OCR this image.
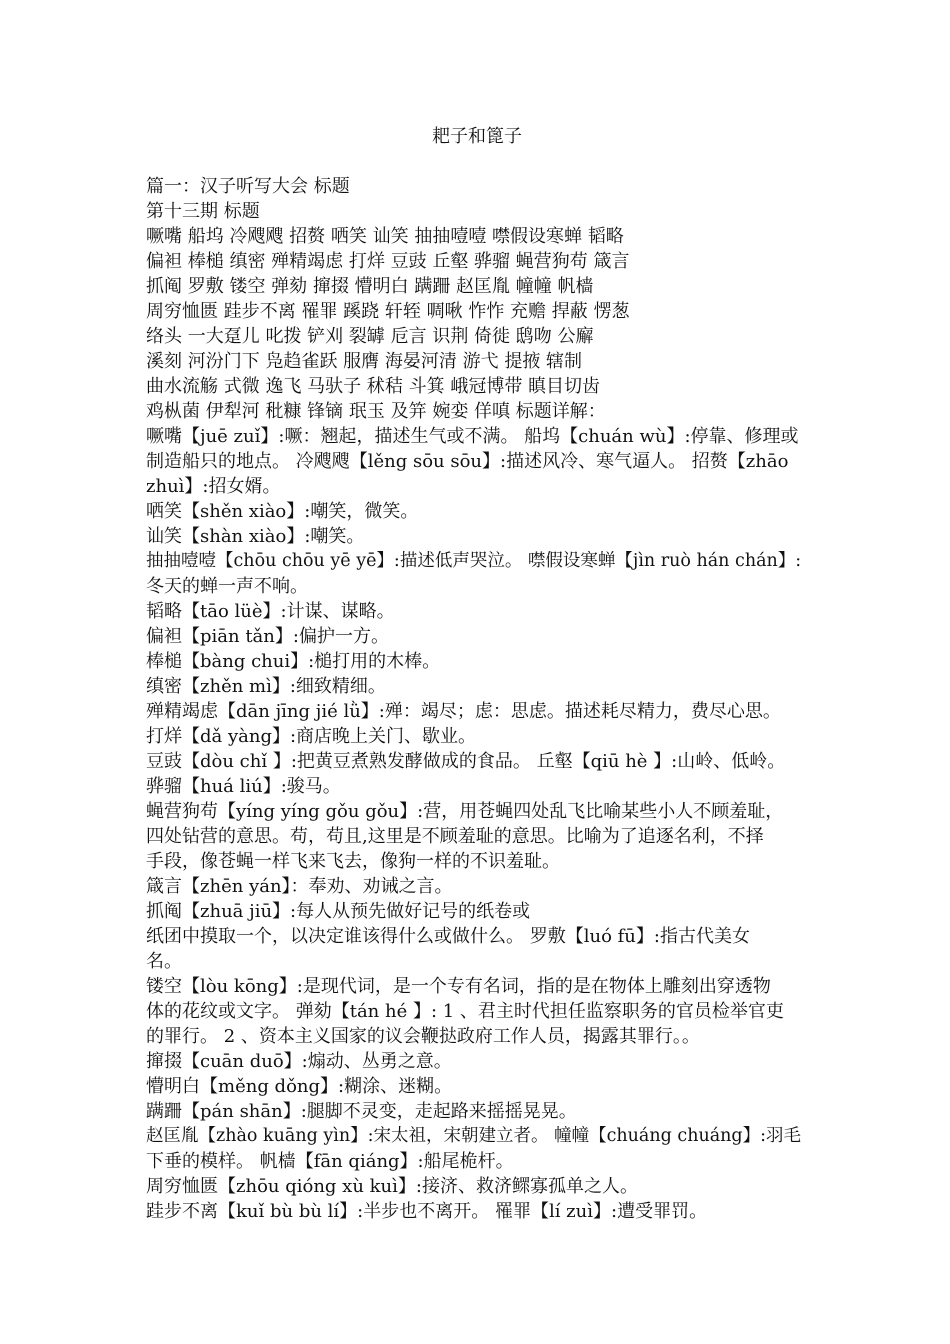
耙子和篦子
篇一：汉子听写大会 标题
第十三期 标题
噘嘴 船坞 冷飕飕 招赘 哂笑 讪笑 抽抽噎噎 噤假设寒蝉 韬略
偏袒 棒槌 缜密 殚精竭虑 打烊 豆豉 丘壑 骅骝 蝇营狗苟 箴言
抓阄 罗敷 镂空 弹劾 撺掇 懵明白 蹒跚 赵匡胤 幢幢 帆樯
周穷恤匮 跬步不离 罹罪 蹊跷 轩轾 啁啾 怍怍 充赡 捍蔽 愣葱
络头 一大趸儿 叱拨 铲刈 裂罅 卮言 识荆 倚徙 鸱吻 公廨
溪刻 河汾门下 凫趋雀跃 服膺 海晏河清 游弋 提掖 辖制
曲水流觞 式微 逸飞 马驮子 秫秸 斗箕 峨冠博带 瞋目切齿
鸡枞菌 伊犁河 秕糠 锋镝 珉玉 及笄 婉娈 佯嗔 标题详解：
噘嘴【juē zuǐ】:噘：翘起，描述生气或不满。 船坞【chuán wù】:停靠、修理或
制造船只的地点。 冷飕飕【lěng sōu sōu】:描述风冷、寒气逼人。 招赘【zhāo
zhuì】:招女婿。
哂笑【shěn xiào】:嘲笑，微笑。
讪笑【shàn xiào】:嘲笑。
抽抽噎噎【chōu chōu yē yē】:描述低声哭泣。 噤假设寒蝉【jìn ruò hán chán】:
冬天的蝉一声不响。
韬略【tāo lüè】:计谋、谋略。
偏袒【piān tǎn】:偏护一方。
棒槌【bàng chui】:槌打用的木棒。
缜密【zhěn mì】:细致精细。
殚精竭虑【dān jīng jié lǜ】:殚：竭尽；虑：思虑。描述耗尽精力，费尽心思。
打烊【dǎ yàng】:商店晚上关门、歇业。
豆豉【dòu chǐ 】:把黄豆煮熟发酵做成的食品。 丘壑【qiū hè 】:山岭、低岭。
骅骝【huá liú】:骏马。
蝇营狗苟【yíng yíng gǒu gǒu】:营，用苍蝇四处乱飞比喻某些小人不顾羞耻，
四处钻营的意思。苟，苟且,这里是不顾羞耻的意思。比喻为了追逐名利，不择
手段，像苍蝇一样飞来飞去，像狗一样的不识羞耻。
箴言【zhēn yán】：奉劝、劝诫之言。
抓阄【zhuā jiū】:每人从预先做好记号的纸卷或
纸团中摸取一个，以决定谁该得什么或做什么。 罗敷【luó fū】:指古代美女
名。
镂空【lòu kōng】:是现代词，是一个专有名词，指的是在物体上雕刻出穿透物
体的花纹或文字。 弹劾【tán hé 】: 1 、君主时代担任监察职务的官员检举官吏
的罪行。 2 、资本主义国家的议会鞭挞政府工作人员，揭露其罪行。。
撺掇【cuān duō】:煽动、丛勇之意。
懵明白【měng dǒng】:糊涂、迷糊。
蹒跚【pán shān】:腿脚不灵变，走起路来摇摇晃晃。
赵匡胤【zhào kuāng yìn】:宋太祖，宋朝建立者。 幢幢【chuáng chuáng】:羽毛
下垂的模样。 帆樯【fān qiáng】:船尾桅杆。
周穷恤匮【zhōu qióng xù kuì】:接济、救济鳏寡孤单之人。
跬步不离【kuǐ bù bù lí】:半步也不离开。 罹罪【lí zuì】:遭受罪罚。
